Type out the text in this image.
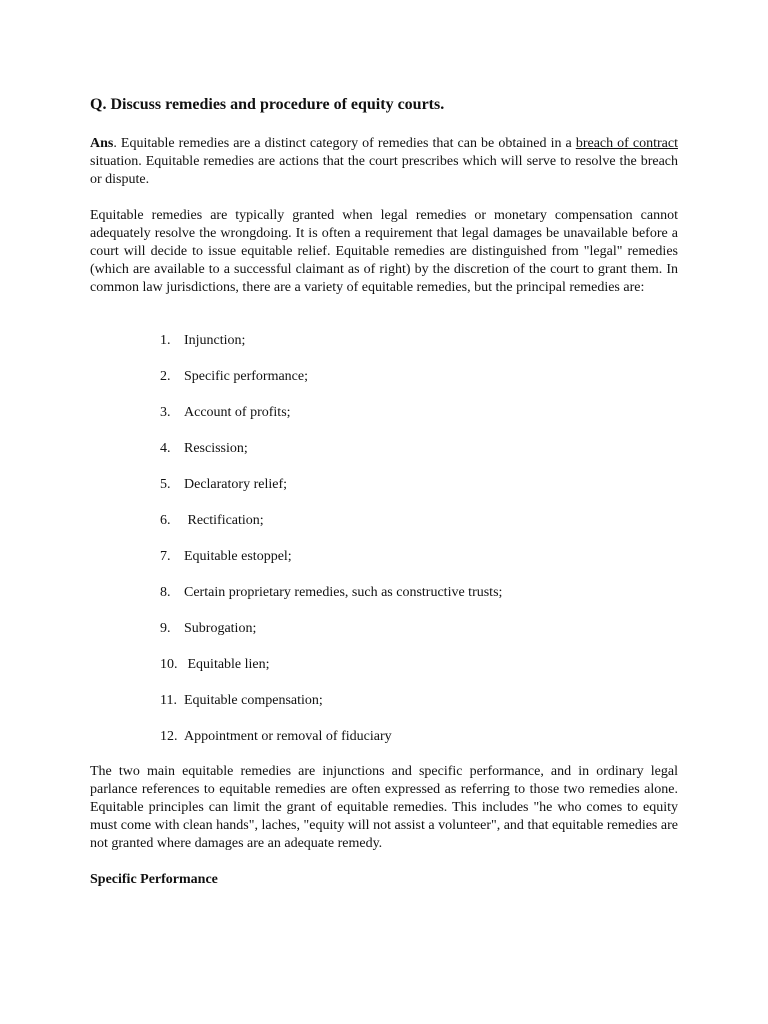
Q. Discuss remedies and procedure of equity courts.

Ans. Equitable remedies are a distinct category of remedies that can be obtained in a breach of contract situation. Equitable remedies are actions that the court prescribes which will serve to resolve the breach or dispute.

Equitable remedies are typically granted when legal remedies or monetary compensation cannot adequately resolve the wrongdoing. It is often a requirement that legal damages be unavailable before a court will decide to issue equitable relief. Equitable remedies are distinguished from "legal" remedies (which are available to a successful claimant as of right) by the discretion of the court to grant them. In common law jurisdictions, there are a variety of equitable remedies, but the principal remedies are:

1. Injunction;
2. Specific performance;
3. Account of profits;
4. Rescission;
5. Declaratory relief;
6. Rectification;
7. Equitable estoppel;
8. Certain proprietary remedies, such as constructive trusts;
9. Subrogation;
10. Equitable lien;
11. Equitable compensation;
12. Appointment or removal of fiduciary

The two main equitable remedies are injunctions and specific performance, and in ordinary legal parlance references to equitable remedies are often expressed as referring to those two remedies alone. Equitable principles can limit the grant of equitable remedies. This includes "he who comes to equity must come with clean hands", laches, "equity will not assist a volunteer", and that equitable remedies are not granted where damages are an adequate remedy.

Specific Performance
